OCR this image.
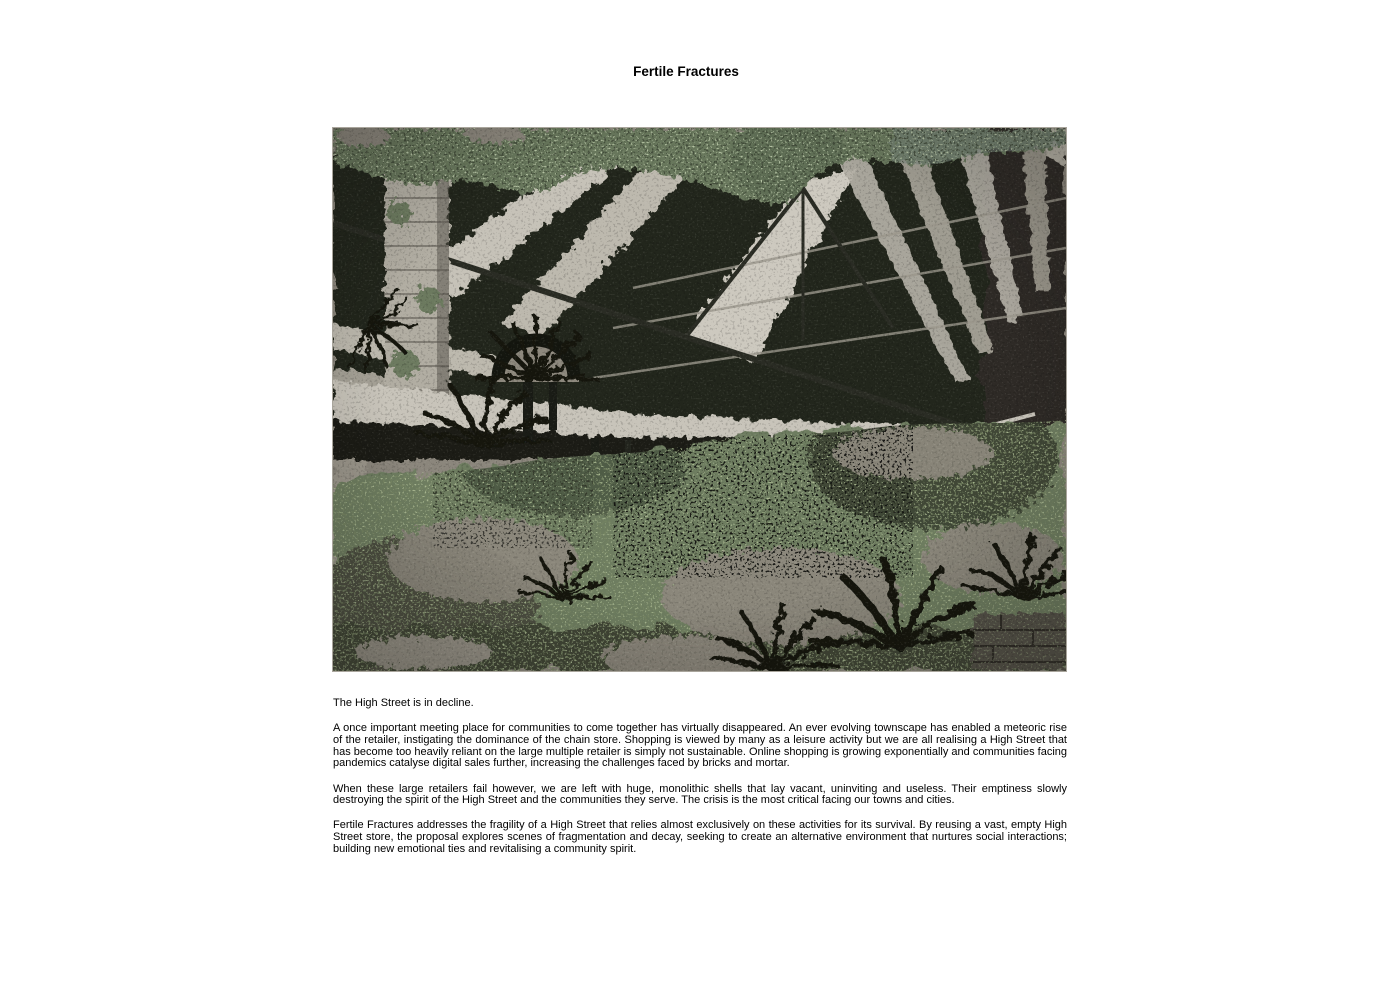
Fertile Fractures

The High Street is in decline.

A once important meeting place for communities to come together has virtually disappeared. An ever evolving townscape has enabled a meteoric rise of the retailer, instigating the dominance of the chain store. Shopping is viewed by many as a leisure activity but we are all realising a High Street that has become too heavily reliant on the large multiple retailer is simply not sustainable. Online shopping is growing exponentially and communities facing pandemics catalyse digital sales further, increasing the challenges faced by bricks and mortar.

When these large retailers fail however, we are left with huge, monolithic shells that lay vacant, uninviting and useless. Their emptiness slowly destroying the spirit of the High Street and the communities they serve. The crisis is the most critical facing our towns and cities.

Fertile Fractures addresses the fragility of a High Street that relies almost exclusively on these activities for its survival. By reusing a vast, empty High Street store, the proposal explores scenes of fragmentation and decay, seeking to create an alternative environment that nurtures social interactions; building new emotional ties and revitalising a community spirit.
